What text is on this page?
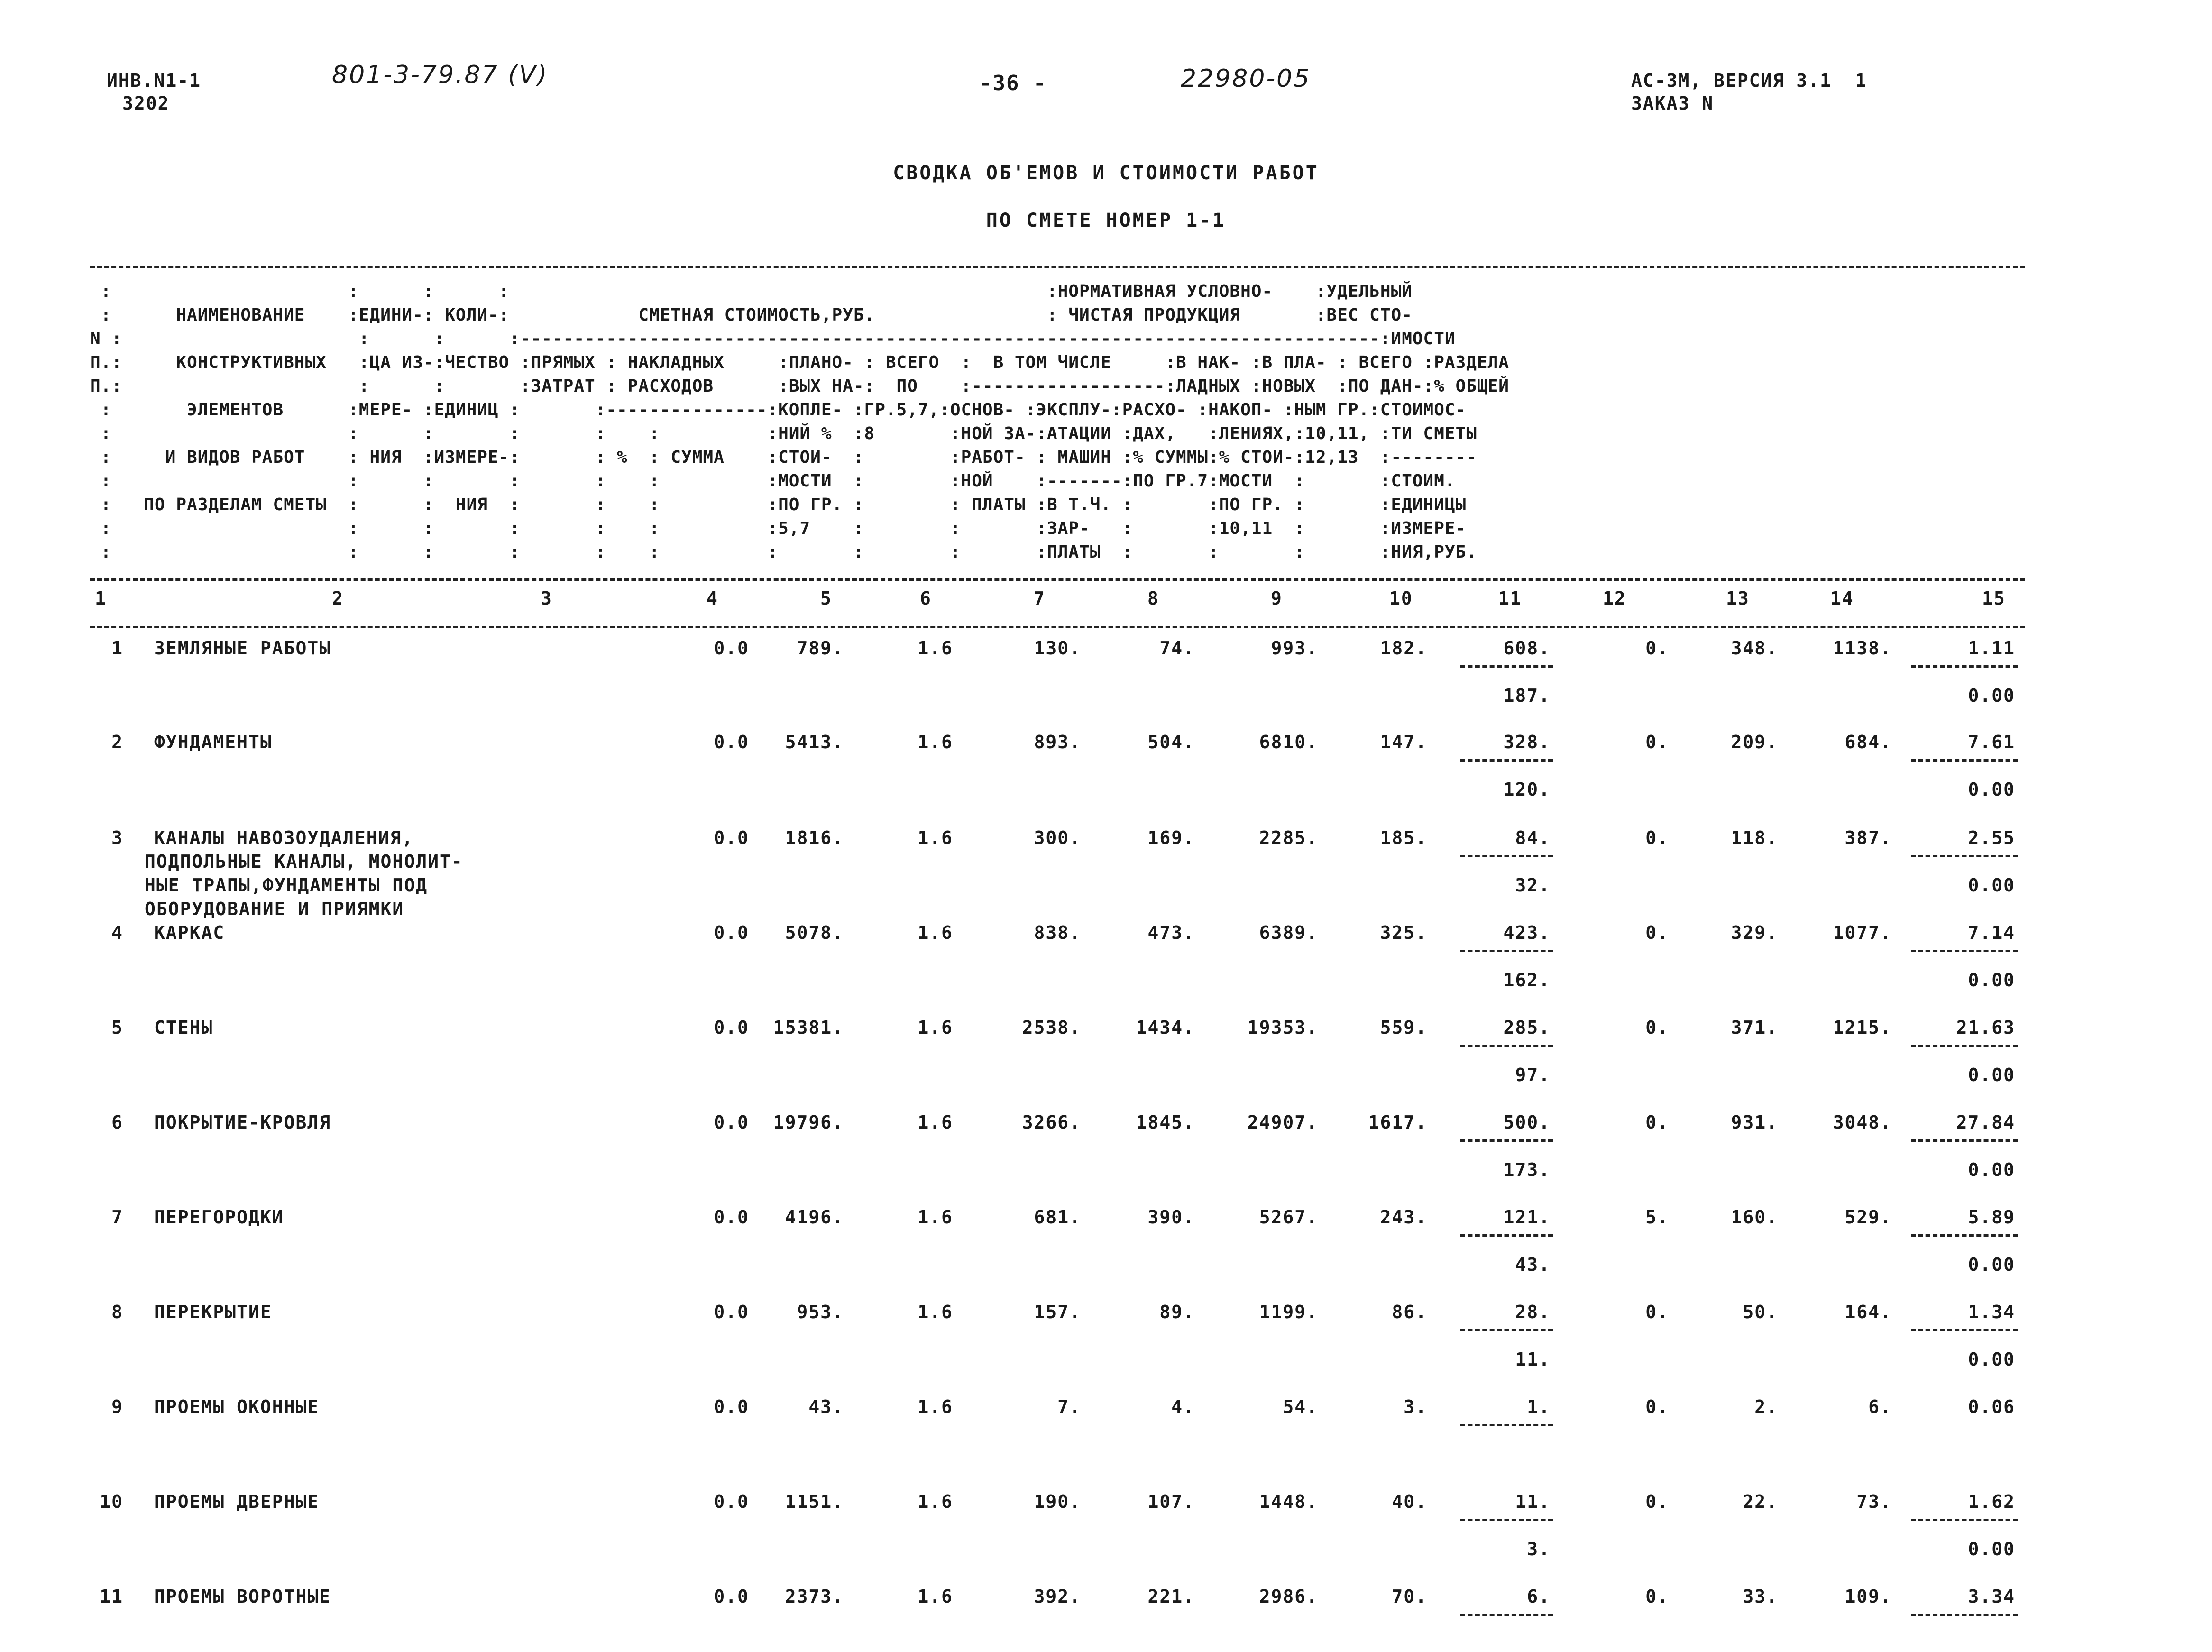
ИНВ.N1-1
3202
801-3-79.87 (V)	-36 -	22980-05	АС-3М, ВЕРСИЯ 3.1  1
ЗАКАЗ N
СВОДКА ОБ'ЕМОВ И СТОИМОСТИ РАБОТ
ПО СМЕТЕ НОМЕР 1-1
:                      :      :      :                                                  :НОРМАТИВНАЯ УСЛОВНО-    :УДЕЛЬНЫЙ
:      НАИМЕНОВАНИЕ    :ЕДИНИ-: КОЛИ-:            СМЕТНАЯ СТОИМОСТЬ,РУБ.                : ЧИСТАЯ ПРОДУКЦИЯ       :ВЕС СТО-
N :                      :      :      :--------------------------------------------------------------------------------:ИМОСТИ
П.:     КОНСТРУКТИВНЫХ   :ЦА ИЗ-:ЧЕСТВО :ПРЯМЫХ : НАКЛАДНЫХ     :ПЛАНО- : ВСЕГО  :  В ТОМ ЧИСЛЕ     :В НАК- :В ПЛА- : ВСЕГО :РАЗДЕЛА
П.:                      :      :       :ЗАТРАТ : РАСХОДОВ      :ВЫХ НА-:  ПО    :------------------:ЛАДНЫХ :НОВЫХ  :ПО ДАН-:% ОБЩЕЙ
:       ЭЛЕМЕНТОВ      :МЕРЕ- :ЕДИНИЦ :       :---------------:КОПЛЕ- :ГР.5,7,:ОСНОВ- :ЭКСПЛУ-:РАСХО- :НАКОП- :НЫМ ГР.:СТОИМОС-
:                      :      :       :       :    :          :НИЙ %  :8       :НОЙ ЗА-:АТАЦИИ :ДАХ,   :ЛЕНИЯХ,:10,11, :ТИ СМЕТЫ
:     И ВИДОВ РАБОТ    : НИЯ  :ИЗМЕРЕ-:       : %  : СУММА    :СТОИ-  :        :РАБОТ- : МАШИН :% СУММЫ:% СТОИ-:12,13  :--------
:                      :      :       :       :    :          :МОСТИ  :        :НОЙ    :-------:ПО ГР.7:МОСТИ  :       :СТОИМ.
:   ПО РАЗДЕЛАМ СМЕТЫ  :      :  НИЯ  :       :    :          :ПО ГР. :        : ПЛАТЫ :В Т.Ч. :       :ПО ГР. :       :ЕДИНИЦЫ
:                      :      :       :       :    :          :5,7    :        :       :ЗАР-   :       :10,11  :       :ИЗМЕРЕ-
:                      :      :       :       :    :          :       :        :       :ПЛАТЫ  :       :       :       :НИЯ,РУБ.
1	2	3	4	5	6	7	8	9	10	11	12	13	14	15
1 ЗЕМЛЯНЫЕ РАБОТЫ	0.0	789.	1.6	130.	74.	993.	182.	608.	0.	348.	1138.	1.11
187.	0.00
2 ФУНДАМЕНТЫ	0.0	5413.	1.6	893.	504.	6810.	147.	328.	0.	209.	684.	7.61
120.	0.00
3 КАНАЛЫ НАВОЗОУДАЛЕНИЯ,
ПОДПОЛЬНЫЕ КАНАЛЫ, МОНОЛИТ-
НЫЕ ТРАПЫ,ФУНДАМЕНТЫ ПОД
ОБОРУДОВАНИЕ И ПРИЯМКИ
0.0	1816.	1.6	300.	169.	2285.	185.	84.	0.	118.	387.	2.55
32.	0.00
4 КАРКАС	0.0	5078.	1.6	838.	473.	6389.	325.	423.	0.	329.	1077.	7.14
162.	0.00
5 СТЕНЫ	0.0	15381.	1.6	2538.	1434.	19353.	559.	285.	0.	371.	1215.	21.63
97.	0.00
6 ПОКРЫТИЕ-КРОВЛЯ	0.0	19796.	1.6	3266.	1845.	24907.	1617.	500.	0.	931.	3048.	27.84
173.	0.00
7 ПЕРЕГОРОДКИ	0.0	4196.	1.6	681.	390.	5267.	243.	121.	5.	160.	529.	5.89
43.	0.00
8 ПЕРЕКРЫТИЕ	0.0	953.	1.6	157.	89.	1199.	86.	28.	0.	50.	164.	1.34
11.	0.00
9 ПРОЕМЫ ОКОННЫЕ	0.0	43.	1.6	7.	4.	54.	3.	1.	0.	2.	6.	0.06
10 ПРОЕМЫ ДВЕРНЫЕ	0.0	1151.	1.6	190.	107.	1448.	40.	11.	0.	22.	73.	1.62
3.	0.00
11 ПРОЕМЫ ВОРОТНЫЕ	0.0	2373.	1.6	392.	221.	2986.	70.	6.	0.	33.	109.	3.34
